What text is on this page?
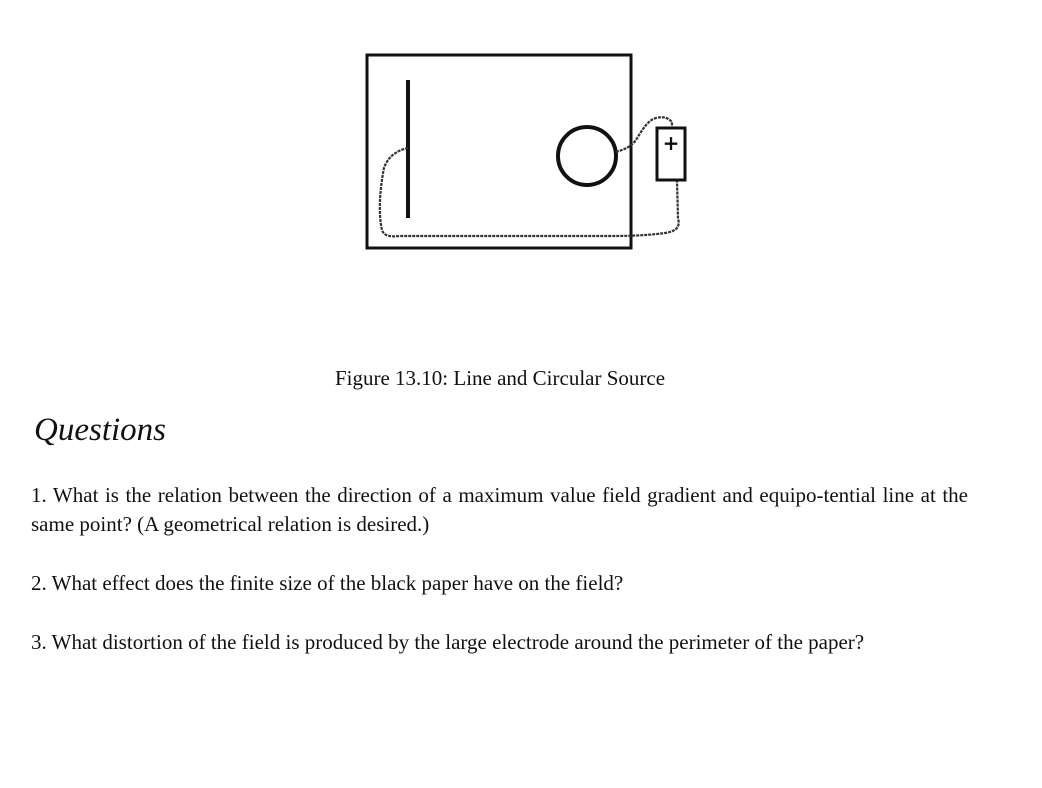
+
Figure 13.10: Line and Circular Source
Questions

1. What is the relation between the direction of a maximum value field gradient and equipo-tential line at the same point? (A geometrical relation is desired.)

2. What effect does the finite size of the black paper have on the field?

3. What distortion of the field is produced by the large electrode around the perimeter of the paper?
